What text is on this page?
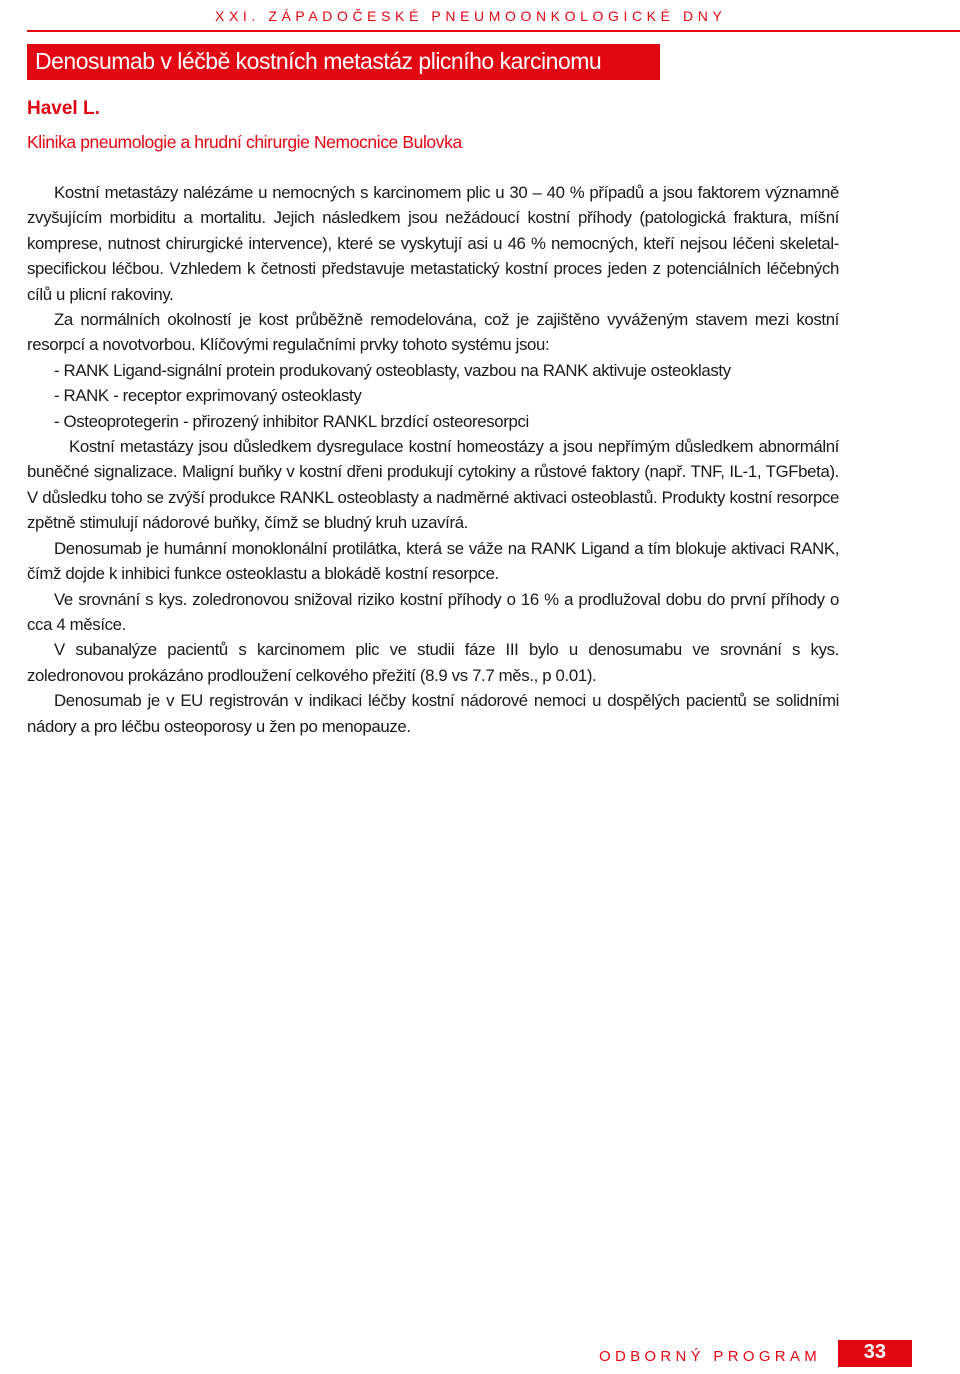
XXI. ZÁPADOČESKÉ PNEUMOONKOLOGICKÉ DNY
Denosumab v léčbě kostních metastáz plicního karcinomu
Havel L.
Klinika pneumologie a hrudní chirurgie Nemocnice Bulovka

Kostní metastázy nalézáme u nemocných s karcinomem plic u 30 – 40 % případů a jsou faktorem významně zvyšujícím morbiditu a mortalitu. Jejich následkem jsou nežádoucí kostní příhody (patologická fraktura, míšní komprese, nutnost chirurgické intervence), které se vyskytují asi u 46 % nemocných, kteří nejsou léčeni skeletal-specifickou léčbou. Vzhledem k četnosti představuje metastatický kostní proces jeden z potenciálních léčebných cílů u plicní rakoviny.

Za normálních okolností je kost průběžně remodelována, což je zajištěno vyváženým stavem mezi kostní resorpcí a novotvorbou. Klíčovými regulačními prvky tohoto systému jsou:

- RANK Ligand-signální protein produkovaný osteoblasty, vazbou na RANK aktivuje osteoklasty

- RANK - receptor exprimovaný osteoklasty

- Osteoprotegerin - přirozený inhibitor RANKL brzdící osteoresorpci

Kostní metastázy jsou důsledkem dysregulace kostní homeostázy a jsou nepřímým důsledkem abnormální buněčné signalizace. Maligní buňky v kostní dřeni produkují cytokiny a růstové faktory (např. TNF, IL-1, TGFbeta). V důsledku toho se zvýší produkce RANKL osteoblasty a nadměrné aktivaci osteoblastů. Produkty kostní resorpce zpětně stimulují nádorové buňky, čímž se bludný kruh uzavírá.

Denosumab je humánní monoklonální protilátka, která se váže na RANK Ligand a tím blokuje aktivaci RANK, čímž dojde k inhibici funkce osteoklastu a blokádě kostní resorpce.

Ve srovnání s kys. zoledronovou snižoval riziko kostní příhody o 16 % a prodlužoval dobu do první příhody o cca 4 měsíce.

V subanalýze pacientů s karcinomem plic ve studii fáze III bylo u denosumabu ve srovnání s kys. zoledronovou prokázáno prodloužení celkového přežití (8.9 vs 7.7 měs., p 0.01).

Denosumab je v EU registrován v indikaci léčby kostní nádorové nemoci u dospělých pacientů se solidními nádory a pro léčbu osteoporosy u žen po menopauze.

ODBORNÝ PROGRAM 33
